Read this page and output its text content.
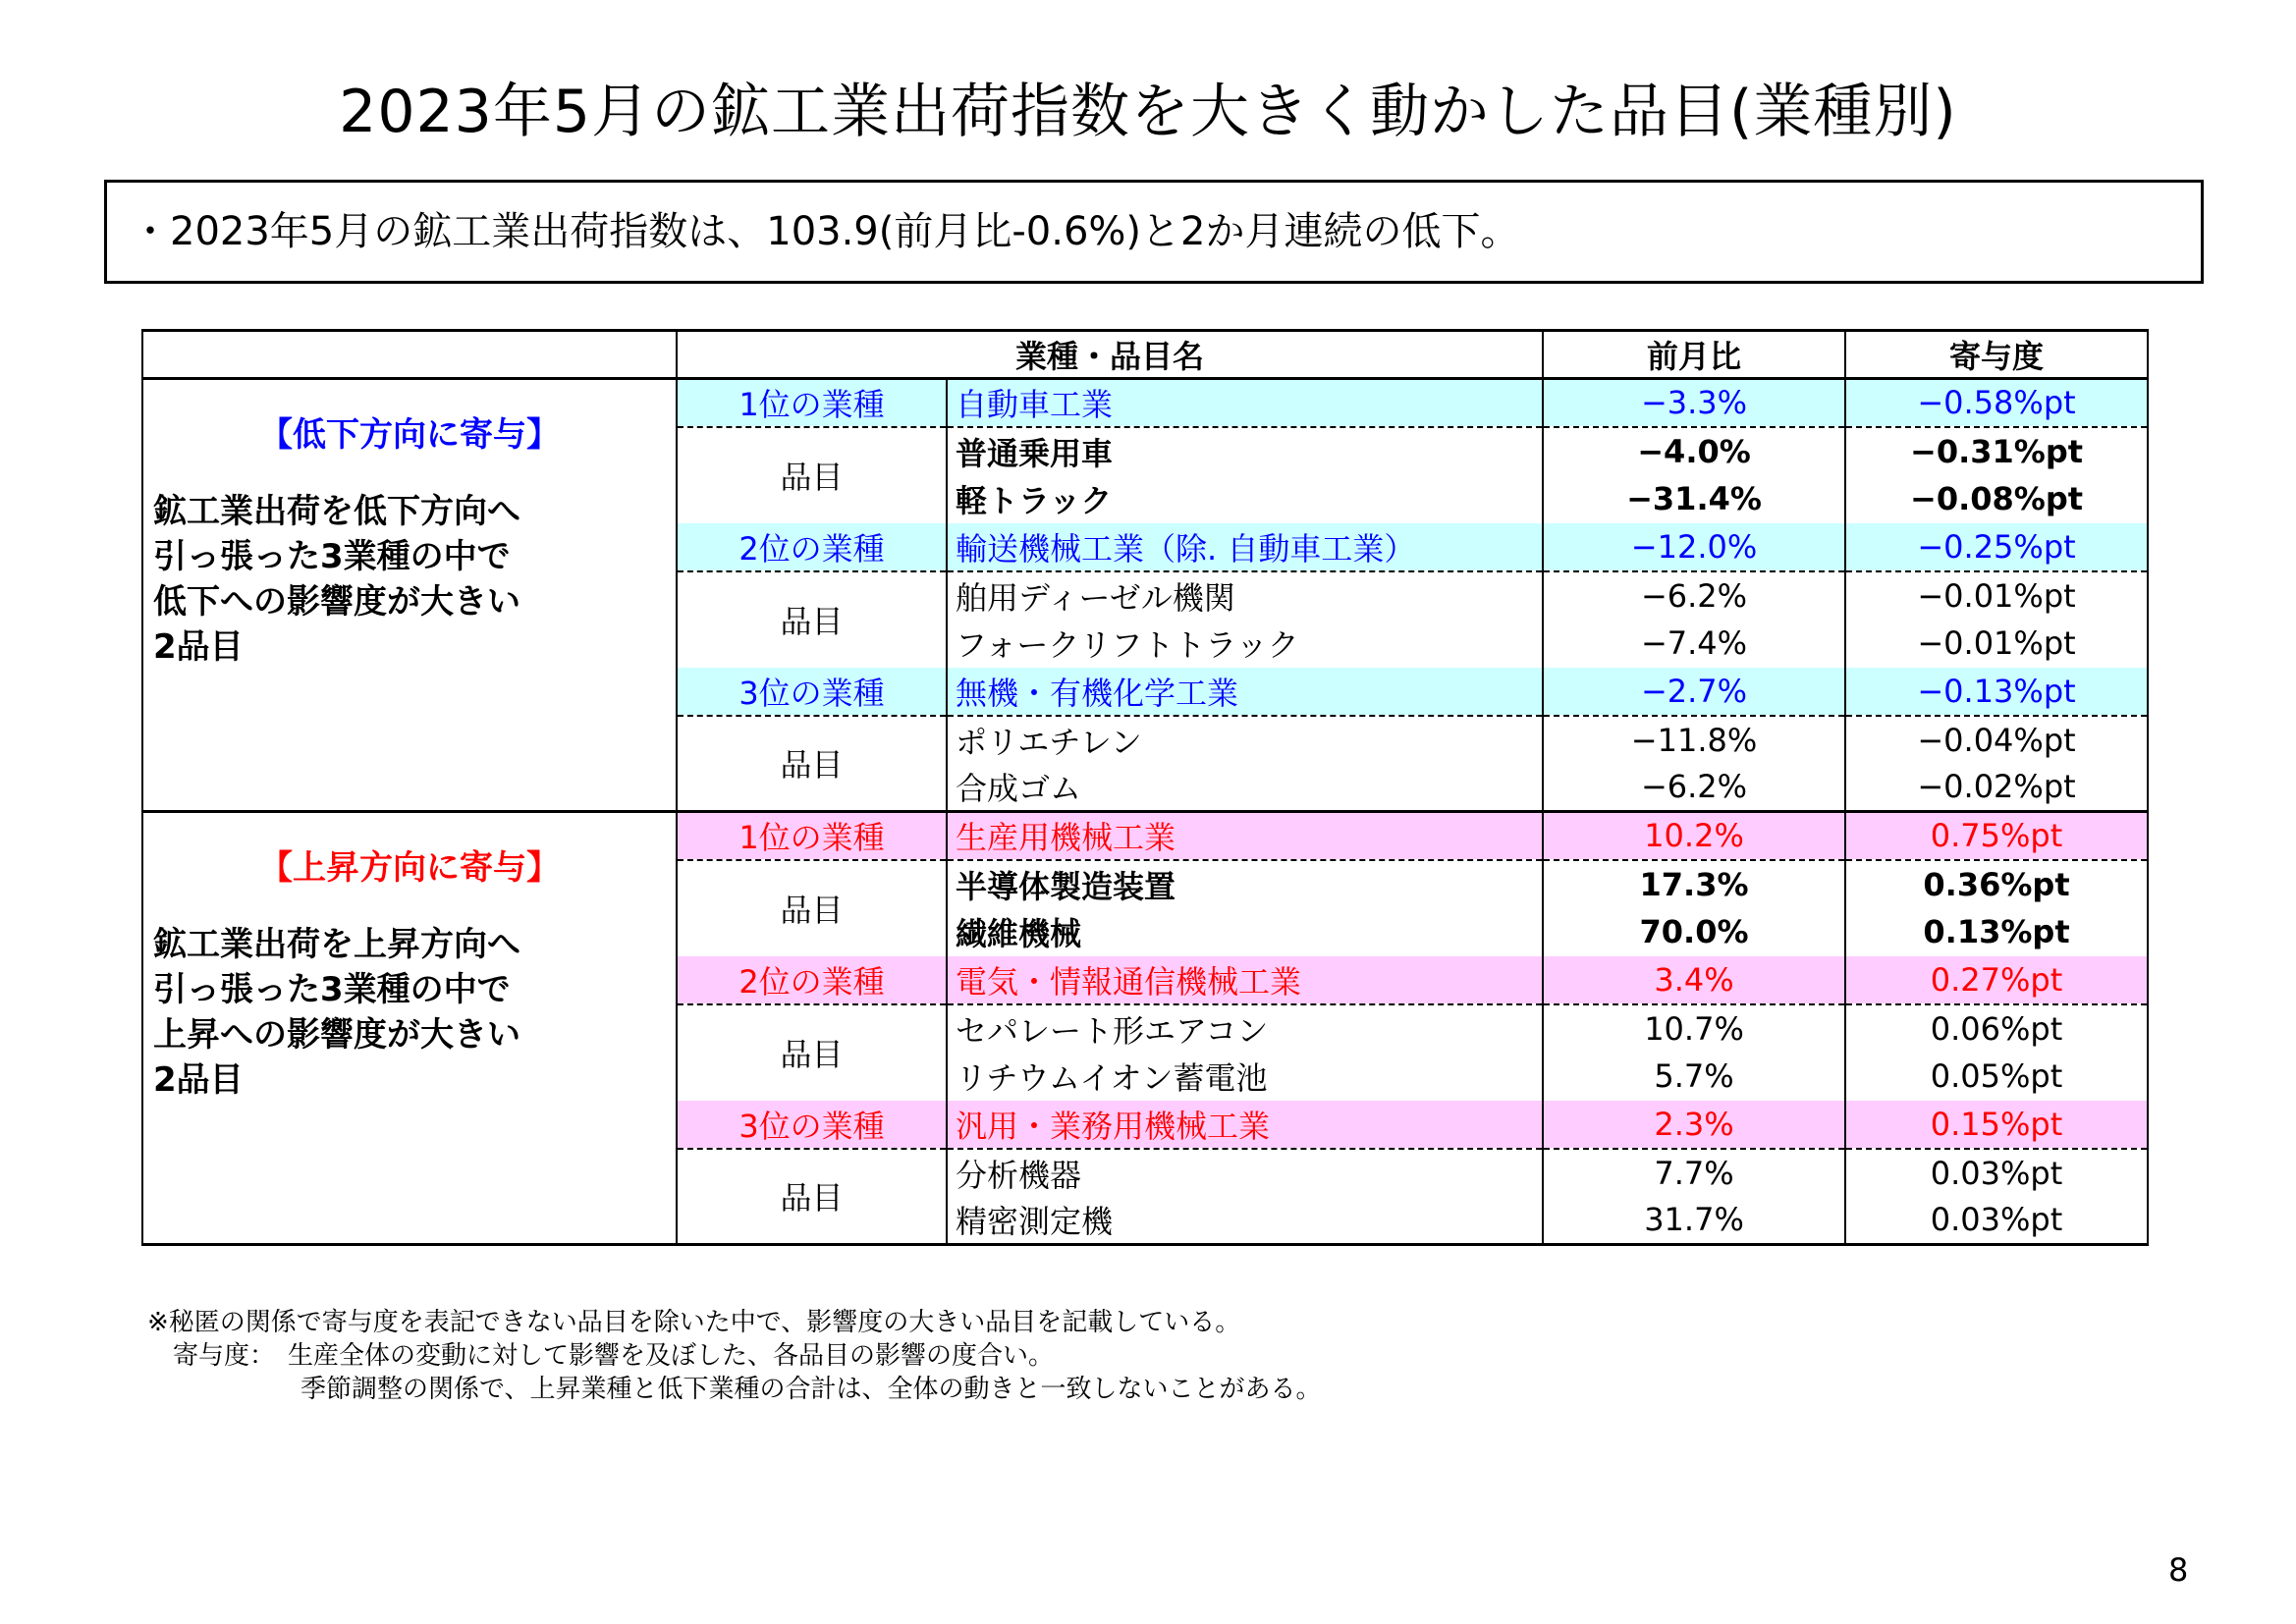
2023年5月の鉱工業出荷指数を大きく動かした品目(業種別)
・2023年5月の鉱工業出荷指数は、103.9(前月比-0.6%)と2か月連続の低下。
	業種・品目名		前月比	寄与度

【低下方向に寄与】
鉱工業出荷を低下方向へ
引っ張った3業種の中で
低下への影響度が大きい
2品目	1位の業種	自動車工業	−3.3%	−0.58%pt
	品目	普通乗用車	−4.0%	−0.31%pt
		軽トラック	−31.4%	−0.08%pt
	2位の業種	輸送機械工業（除. 自動車工業）	−12.0%	−0.25%pt
	品目	舶用ディーゼル機関	−6.2%	−0.01%pt
		フォークリフトトラック	−7.4%	−0.01%pt
	3位の業種	無機・有機化学工業	−2.7%	−0.13%pt
	品目	ポリエチレン	−11.8%	−0.04%pt
		合成ゴム	−6.2%	−0.02%pt

【上昇方向に寄与】
鉱工業出荷を上昇方向へ
引っ張った3業種の中で
上昇への影響度が大きい
2品目	1位の業種	生産用機械工業	10.2%	0.75%pt
	品目	半導体製造装置	17.3%	0.36%pt
		繊維機械	70.0%	0.13%pt
	2位の業種	電気・情報通信機械工業	3.4%	0.27%pt
	品目	セパレート形エアコン	10.7%	0.06%pt
		リチウムイオン蓄電池	5.7%	0.05%pt
	3位の業種	汎用・業務用機械工業	2.3%	0.15%pt
	品目	分析機器	7.7%	0.03%pt
		精密測定機	31.7%	0.03%pt
※秘匿の関係で寄与度を表記できない品目を除いた中で、影響度の大きい品目を記載している。
　寄与度：　生産全体の変動に対して影響を及ぼした、各品目の影響の度合い。
　　　　　　季節調整の関係で、上昇業種と低下業種の合計は、全体の動きと一致しないことがある。
8
